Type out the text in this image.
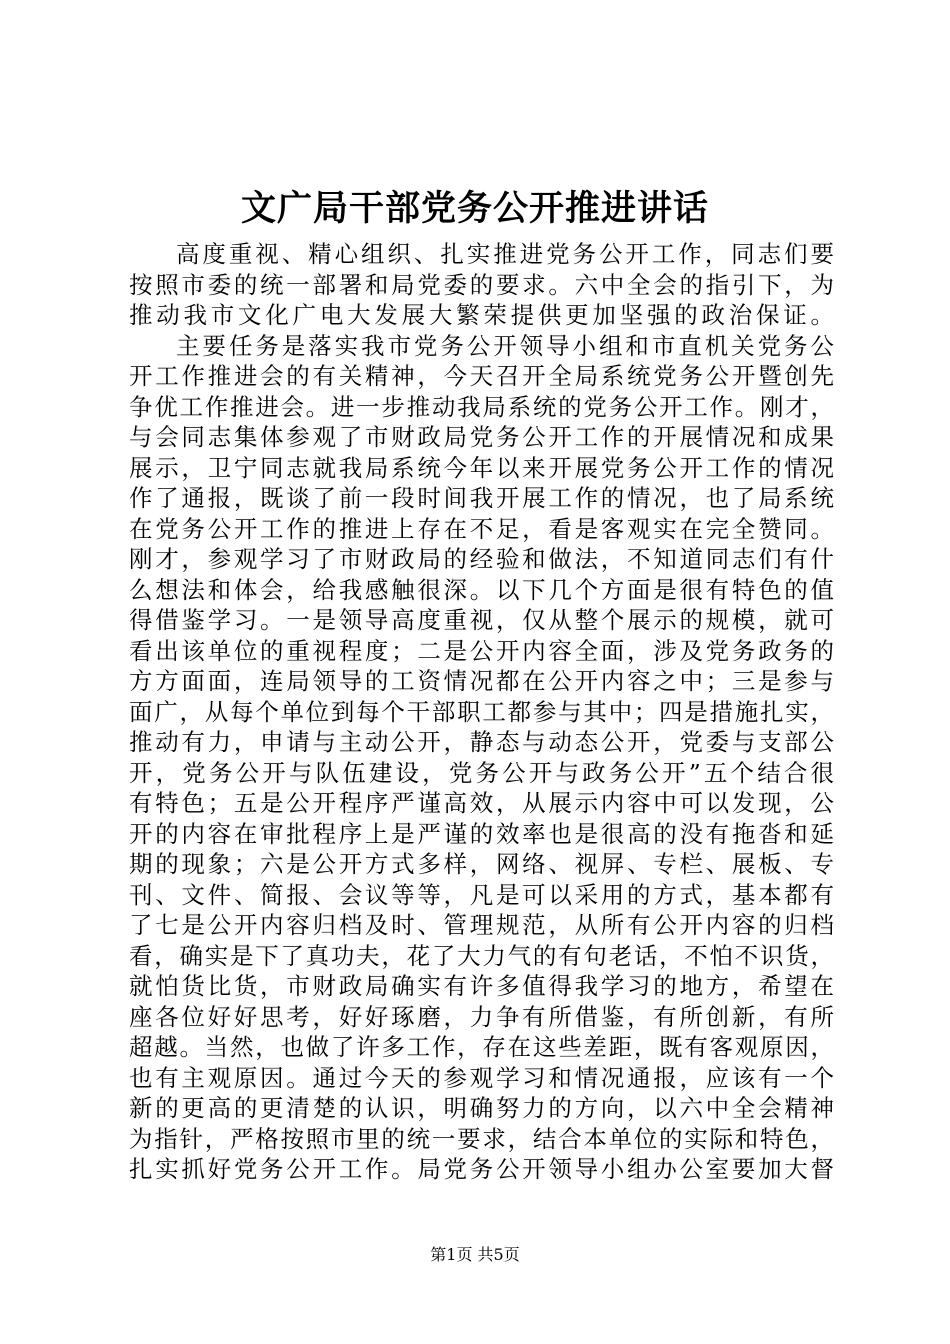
文广局干部党务公开推进讲话
高度重视、精心组织、扎实推进党务公开工作，同志们要
按照市委的统一部署和局党委的要求。六中全会的指引下，为
推动我市文化广电大发展大繁荣提供更加坚强的政治保证。
主要任务是落实我市党务公开领导小组和市直机关党务公
开工作推进会的有关精神，今天召开全局系统党务公开暨创先
争优工作推进会。进一步推动我局系统的党务公开工作。刚才，
与会同志集体参观了市财政局党务公开工作的开展情况和成果
展示，卫宁同志就我局系统今年以来开展党务公开工作的情况
作了通报，既谈了前一段时间我开展工作的情况，也了局系统
在党务公开工作的推进上存在不足，看是客观实在完全赞同。
刚才，参观学习了市财政局的经验和做法，不知道同志们有什
么想法和体会，给我感触很深。以下几个方面是很有特色的值
得借鉴学习。一是领导高度重视，仅从整个展示的规模，就可
看出该单位的重视程度；二是公开内容全面，涉及党务政务的
方方面面，连局领导的工资情况都在公开内容之中；三是参与
面广，从每个单位到每个干部职工都参与其中；四是措施扎实，
推动有力，申请与主动公开，静态与动态公开，党委与支部公
开，党务公开与队伍建设，党务公开与政务公开”五个结合很
有特色；五是公开程序严谨高效，从展示内容中可以发现，公
开的内容在审批程序上是严谨的效率也是很高的没有拖沓和延
期的现象；六是公开方式多样，网络、视屏、专栏、展板、专
刊、文件、简报、会议等等，凡是可以采用的方式，基本都有
了七是公开内容归档及时、管理规范，从所有公开内容的归档
看，确实是下了真功夫，花了大力气的有句老话，不怕不识货，
就怕货比货，市财政局确实有许多值得我学习的地方，希望在
座各位好好思考，好好琢磨，力争有所借鉴，有所创新，有所
超越。当然，也做了许多工作，存在这些差距，既有客观原因，
也有主观原因。通过今天的参观学习和情况通报，应该有一个
新的更高的更清楚的认识，明确努力的方向，以六中全会精神
为指针，严格按照市里的统一要求，结合本单位的实际和特色，
扎实抓好党务公开工作。局党务公开领导小组办公室要加大督
第1页 共5页
